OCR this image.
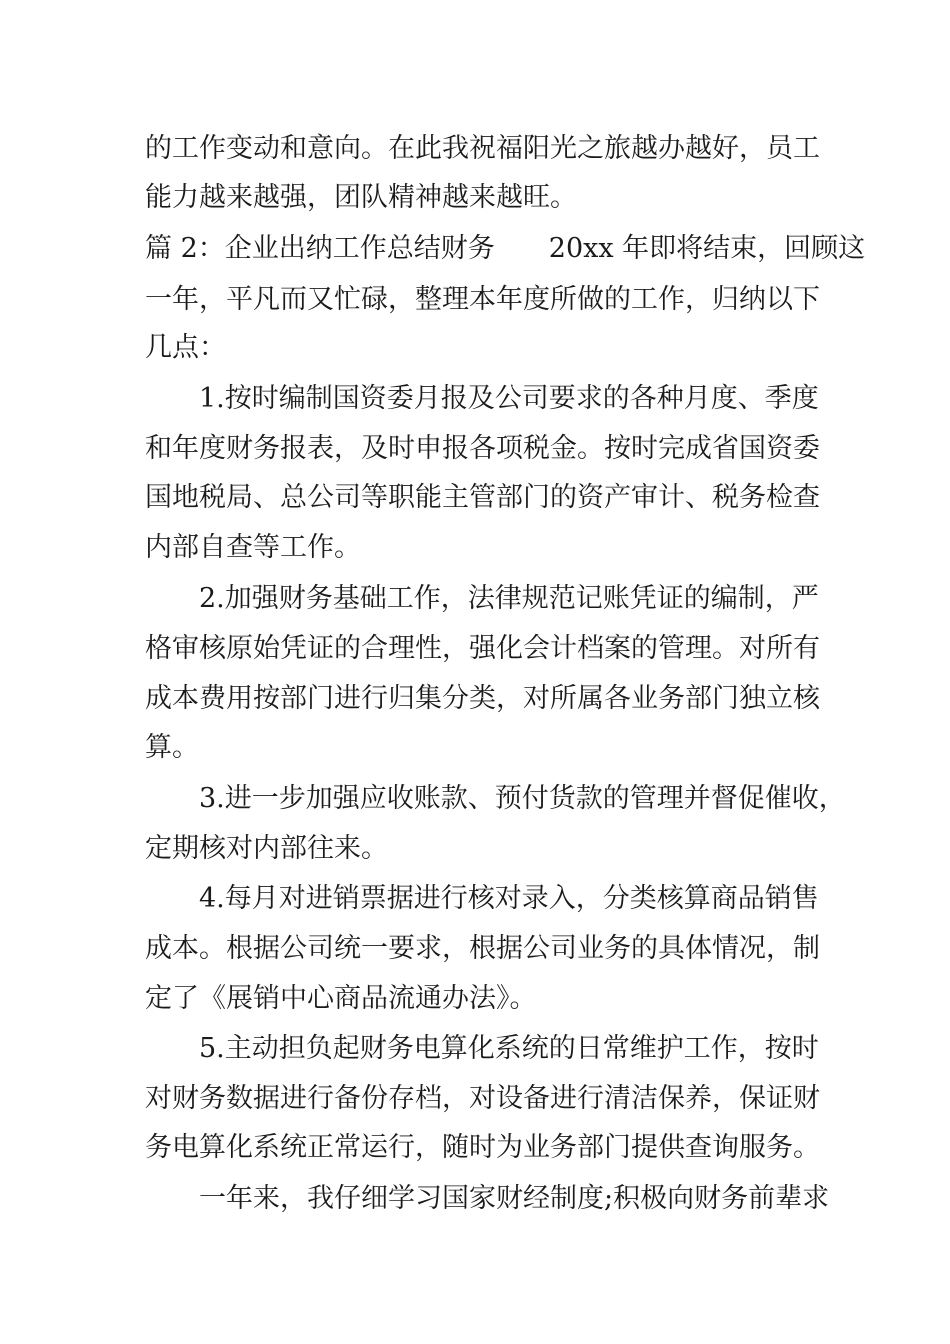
的工作变动和意向。在此我祝福阳光之旅越办越好，员工

能力越来越强，团队精神越来越旺。

篇 2：企业出纳工作总结财务　　20xx 年即将结束，回顾这

一年，平凡而又忙碌，整理本年度所做的工作，归纳以下

几点：

1.按时编制国资委月报及公司要求的各种月度、季度

和年度财务报表，及时申报各项税金。按时完成省国资委

国地税局、总公司等职能主管部门的资产审计、税务检查

内部自查等工作。

2.加强财务基础工作，法律规范记账凭证的编制，严

格审核原始凭证的合理性，强化会计档案的管理。对所有

成本费用按部门进行归集分类，对所属各业务部门独立核

算。

3.进一步加强应收账款、预付货款的管理并督促催收，

定期核对内部往来。

4.每月对进销票据进行核对录入，分类核算商品销售

成本。根据公司统一要求，根据公司业务的具体情况，制

定了《展销中心商品流通办法》。

5.主动担负起财务电算化系统的日常维护工作，按时

对财务数据进行备份存档，对设备进行清洁保养，保证财

务电算化系统正常运行，随时为业务部门提供查询服务。

一年来，我仔细学习国家财经制度;积极向财务前辈求
